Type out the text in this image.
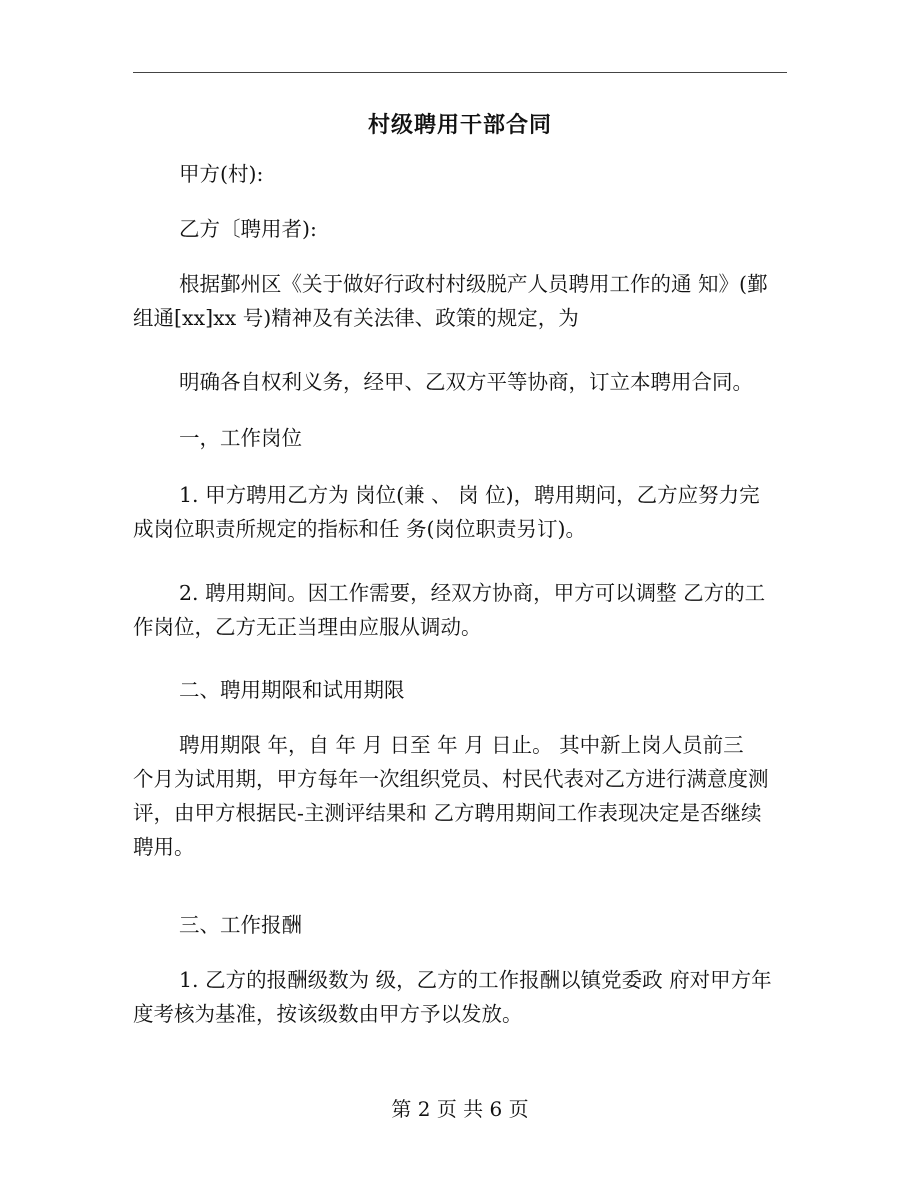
村级聘用干部合同

甲方(村):

乙方〔聘用者):

根据鄞州区《关于做好行政村村级脱产人员聘用工作的通 知》(鄞
组通[xx]xx 号)精神及有关法律、政策的规定，为

明确各自权利义务，经甲、乙双方平等协商，订立本聘用合同。

一，工作岗位

1. 甲方聘用乙方为 岗位(兼 、 岗 位)，聘用期问，乙方应努力完
成岗位职责所规定的指标和任 务(岗位职责另订)。

2. 聘用期间。因工作需要，经双方协商，甲方可以调整 乙方的工
作岗位，乙方无正当理由应服从调动。

二、聘用期限和试用期限

聘用期限 年，自 年 月 日至 年 月 日止。 其中新上岗人员前三
个月为试用期，甲方每年一次组织党员、村民代表对乙方进行满意度测
评，由甲方根据民-主测评结果和 乙方聘用期间工作表现决定是否继续
聘用。

三、工作报酬

1. 乙方的报酬级数为 级，乙方的工作报酬以镇党委政 府对甲方年
度考核为基准，按该级数由甲方予以发放。

第 2 页 共 6 页
